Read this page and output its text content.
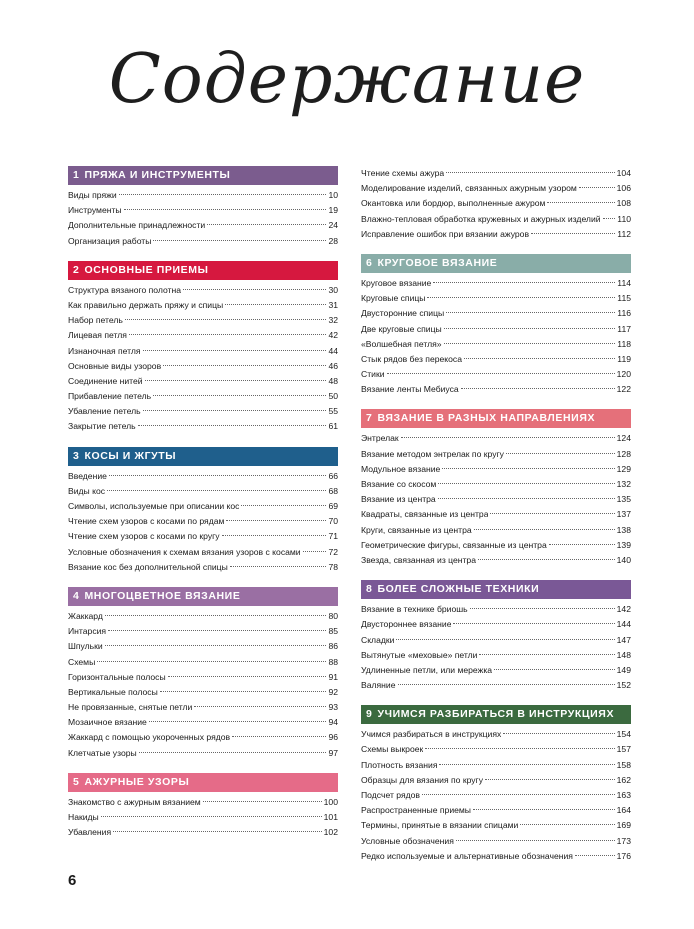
Содержание
1 ПРЯЖА И ИНСТРУМЕНТЫ
Виды пряжи	10
Инструменты	19
Дополнительные принадлежности	24
Организация работы	28
2 ОСНОВНЫЕ ПРИЕМЫ
Структура вязаного полотна	30
Как правильно держать пряжу и спицы	31
Набор петель	32
Лицевая петля	42
Изнаночная петля	44
Основные виды узоров	46
Соединение нитей	48
Прибавление петель	50
Убавление петель	55
Закрытие петель	61
3 КОСЫ И ЖГУТЫ
Введение	66
Виды кос	68
Символы, используемые при описании кос	69
Чтение схем узоров с косами по рядам	70
Чтение схем узоров с косами по кругу	71
Условные обозначения к схемам вязания узоров с косами	72
Вязание кос без дополнительной спицы	78
4 МНОГОЦВЕТНОЕ ВЯЗАНИЕ
Жаккард	80
Интарсия	85
Шпульки	86
Схемы	88
Горизонтальные полосы	91
Вертикальные полосы	92
Не провязанные, снятые петли	93
Мозаичное вязание	94
Жаккард с помощью укороченных рядов	96
Клетчатые узоры	97
5 АЖУРНЫЕ УЗОРЫ
Знакомство с ажурным вязанием	100
Накиды	101
Убавления	102
Чтение схемы ажура	104
Моделирование изделий, связанных ажурным узором	106
Окантовка или бордюр, выполненные ажуром	108
Влажно-тепловая обработка кружевных и ажурных изделий 110
Исправление ошибок при вязании ажуров	112
6 КРУГОВОЕ ВЯЗАНИЕ
Круговое вязание	114
Круговые спицы	115
Двусторонние спицы	116
Две круговые спицы	117
«Волшебная петля»	118
Стык рядов без перекоса	119
Стики	120
Вязание ленты Мебиуса	122
7 ВЯЗАНИЕ В РАЗНЫХ НАПРАВЛЕНИЯХ
Энтрелак	124
Вязание методом энтрелак по кругу	128
Модульное вязание	129
Вязание со скосом	132
Вязание из центра	135
Квадраты, связанные из центра	137
Круги, связанные из центра	138
Геометрические фигуры, связанные из центра	139
Звезда, связанная из центра	140
8 БОЛЕЕ СЛОЖНЫЕ ТЕХНИКИ
Вязание в технике бриошь	142
Двустороннее вязание	144
Складки	147
Вытянутые «меховые» петли	148
Удлиненные петли, или мережка	149
Валяние	152
9 УЧИМСЯ РАЗБИРАТЬСЯ В ИНСТРУКЦИЯХ
Учимся разбираться в инструкциях	154
Схемы выкроек	157
Плотность вязания	158
Образцы для вязания по кругу	162
Подсчет рядов	163
Распространенные приемы	164
Термины, принятые в вязании спицами	169
Условные обозначения	173
Редко используемые и альтернативные обозначения	176
6
